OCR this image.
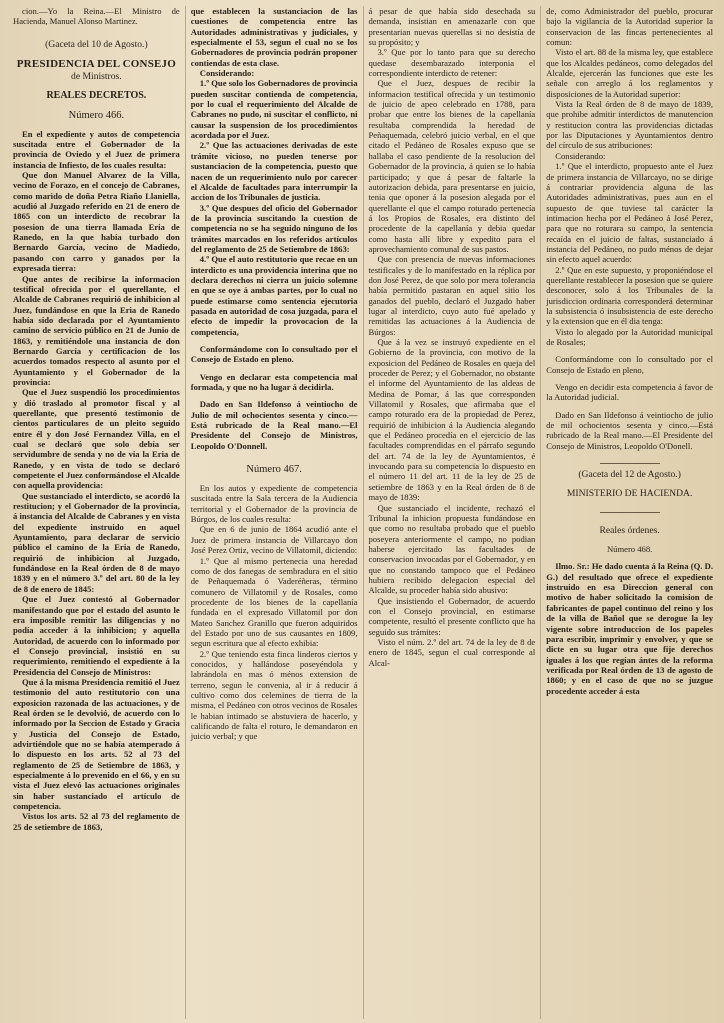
cion.—Yo la Reina.—El Ministro de Hacienda, Manuel Alonso Martinez.

(Gaceta del 10 de Agosto.)

PRESIDENCIA DEL CONSEJO

de Ministros.

REALES DECRETOS.

Número 466.

En el expediente y autos de competencia suscitada entre el Gobernador de la provincia de Oviedo y el Juez de primera instancia de Infiesto, de los cuales resulta:

Que don Manuel Alvarez de la Villa, vecino de Forazo, en el concejo de Cabranes, como marido de doña Petra Riaño Llaniella, acudió al Juzgado referido en 21 de enero de 1865 con un interdicto de recobrar la posesion de una tierra llamada Eria de Ranedo, en la que había turbado don Bernardo García, vecino de Madiedo, pasando con carro y ganados por la expresada tierra:

Que antes de recibirse la informacion testifical ofrecida por el querellante, el Alcalde de Cabranes requirió de inhibicion al Juez, fundándose en que la Eria de Ranedo había sido declarada por el Ayuntamiento camino de servicio público en 21 de Junio de 1863, y remitiéndole una instancia de don Bernardo García y certificacion de los acuerdos tomados respecto al asunto por el Ayuntamiento y el Gobernador de la provincia:

Que el Juez suspendió los procedimientos y dió traslado al promotor fiscal y al querellante, que presentó testimonio de cientos particulares de un pleito seguido entre él y don José Fernandez Villa, en el cual se declaró que solo debía ser servidumbre de senda y no de via la Eria de Ranedo, y en vista de todo se declaró competente el Juez conformándose el Alcalde con aquella providencia:

Que sustanciado el interdicto, se acordó la restitucion; y el Gobernador de la provincia, á instancia del Alcalde de Cabranes y en vista del expediente instruido en aquel Ayuntamiento, para declarar de servicio público el camino de la Eria de Ranedo, requirió de inhibicion al Juzgado, fundándose en la Real órden de 8 de mayo 1839 y en el número 3.º del art. 80 de la ley de 8 de enero de 1845:

Que el Juez contestó al Gobernador manifestando que por el estado del asunto le era imposible remitir las diligencias y no podía acceder á la inhibicion; y aquella Autoridad, de acuerdo con lo informado por el Consejo provincial, insistió en su requerimiento, remitiendo el expediente á la Presidencia del Consejo de Ministros:

Que á la misma Presidencia remitió el Juez testimonio del auto restitutorio con una exposicion razonada de las actuaciones, y de Real órden se le devolvió, de acuerdo con lo informado por la Seccion de Estado y Gracia y Justicia del Consejo de Estado, advirtiéndole que no se había atemperado á lo dispuesto en los arts. 52 al 73 del reglamento de 25 de Setiembre de 1863, y especialmente á lo prevenido en el 66, y en su vista el Juez elevó las actuaciones originales sin haber sustanciado el artículo de competencia.

Vistos los arts. 52 al 73 del reglamento de 25 de setiembre de 1863,

que establecen la sustanciacion de las cuestiones de competencia entre las Autoridades administrativas y judiciales, y especialmente el 53, segun el cual no se los Gobernadores de provincia podrán proponer contiendas de esta clase.

Considerando:

1.º Que solo los Gobernadores de provincia pueden suscitar contienda de competencia, por lo cual el requerimiento del Alcalde de Cabranes no pudo, ni suscitar el conflicto, ni causar la suspension de los procedimientos acordada por el Juez.

2.º Que las actuaciones derivadas de este trámite vicioso, no pueden tenerse por sustanciacion de la competencia, puesto que nacen de un requerimiento nulo por carecer el Alcalde de facultades para interrumpir la accion de los Tribunales de justicia.

3.º Que despues del oficio del Gobernador de la provincia suscitando la cuestion de competencia no se ha seguido ninguno de los trámites marcados en los referidos artículos del reglamento de 25 de Setiembre de 1863:

4.º Que el auto restitutorio que recae en un interdicto es una providencia interina que no declara derechos ni cierra un juicio solemne en que se oye á ambas partes, por lo cual no puede estimarse como sentencia ejecutoria pasada en autoridad de cosa juzgada, para el efecto de impedir la provocacion de la competencia,

Conformándome con lo consultado por el Consejo de Estado en pleno.

Vengo en declarar esta competencia mal formada, y que no ha lugar á decidirla.

Dado en San Ildefonso á veintiocho de Julio de mil ochocientos sesenta y cinco.—Está rubricado de la Real mano.—El Presidente del Consejo de Ministros, Leopoldo O'Donnell.

Número 467.

En los autos y expediente de competencia suscitada entre la Sala tercera de la Audiencia territorial y el Gobernador de la provincia de Búrgos, de los cuales resulta:

Que en 6 de junio de 1864 acudió ante el Juez de primera instancia de Villarcayo don José Perez Ortiz, vecino de Villatomil, diciendo:

1.º Que al mismo pertenecia una heredad como de dos fanegas de sembradura en el sitio de Peñaquemada ó Vaderéñeras, término comunero de Villatomil y de Rosales, como procedente de los bienes de la capellanía fundada en el expresado Villatomil por don Mateo Sanchez Granillo que fueron adquiridos del Estado por uno de sus causantes en 1809, segun escritura que al efecto exhibia:

2.º Que teniendo esta finca linderos ciertos y conocidos, y hallándose poseyéndola y labrándola en mas ó ménos extension de terreno, segun le convenia, al ir á reducir á cultivo como dos celemines de tierra de la misma, el Pedáneo con otros vecinos de Rosales le habian intimado se abstuviera de hacerlo, y calificando de falta el roturo, le demandaron en juicio verbal; y que

á pesar de que había sido desechada su demanda, insistian en amenazarle con que presentarian nuevas querellas si no desistía de su propósito; y

3.º Que por lo tanto para que su derecho quedase desembarazado interponia el correspondiente interdicto de retener:

Que el Juez, despues de recibir la informacion testifical ofrecida y un testimonio de juicio de apeo celebrado en 1788, para probar que entre los bienes de la capellanía resultaba comprendida la heredad de Peñaquemada, celebró juicio verbal, en el que citado el Pedáneo de Rosales expuso que se hallaba el caso pendiente de la resolucion del Gobernador de la provincia, á quien se lo había participado; y que á pesar de faltarle la autorizacion debida, para presentarse en juicio, tenia que oponer á la posesion alegada por el querellante el que el campo roturado pertenecía á los Propios de Rosales, era distinto del procedente de la capellanía y debia quedar como hasta allí libre y expedito para el aprovechamiento comunal de sus pastos.

Que con presencia de nuevas informaciones testificales y de lo manifestado en la réplica por don José Perez, de que solo por mera tolerancia había permitido pastaran en aquel sitio los ganados del pueblo, declaró el Juzgado haber lugar al interdicto, cuyo auto fué apelado y remitidas las actuaciones á la Audiencia de Búrgos:

Que á la vez se instruyó expediente en el Gobierno de la provincia, con motivo de la exposicion del Pedáneo de Rosales en queja del proceder de Perez; y el Gobernador, no obstante el informe del Ayuntamiento de las aldeas de Medina de Pomar, á las que corresponden Villatomil y Rosales, que afirmaba que el campo roturado era de la propiedad de Perez, requirió de inhibicion á la Audiencia alegando que el Pedáneo procedía en el ejercicio de las facultades comprendidas en el párrafo segundo del art. 74 de la ley de Ayuntamientos, é invocando para su competencia lo dispuesto en el número 11 del art. 11 de la ley de 25 de setiembre de 1863 y en la Real órden de 8 de mayo de 1839:

Que sustanciado el incidente, rechazó el Tribunal la inhicion propuesta fundándose en que como no resultaba probado que el pueblo poseyera anteriormente el campo, no podian haberse ejercitado las facultades de conservacion invocadas por el Gobernador, y en que no constando tampoco que el Pedáneo hubiera recibido delegacion especial del Alcalde, su proceder había sido abusivo:

Que insistiendo el Gobernador, de acuerdo con el Consejo provincial, en estimarse competente, resultó el presente conflicto que ha seguido sus trámites:

Visto el núm. 2.º del art. 74 de la ley de 8 de enero de 1845, segun el cual corresponde al Alcal-

de, como Administrador del pueblo, procurar bajo la vigilancia de la Autoridad superior la conservacion de las fincas pertenecientes al comun:

Visto el art. 88 de la misma ley, que establece que los Alcaldes pedáneos, como delegados del Alcalde, ejercerán las funciones que este les señale con arreglo á los reglamentos y disposiciones de la Autoridad superior:

Vista la Real órden de 8 de mayo de 1839, que prohibe admitir interdictos de manutencion y restitucion contra las providencias dictadas por las Diputaciones y Ayuntamientos dentro del círculo de sus atribuciones:

Considerando:

1.º Que el interdicto, propuesto ante el Juez de primera instancia de Villarcayo, no se dirige á contrariar providencia alguna de las Autoridades administrativas, pues aun en el supuesto de que tuviese tal carácter la intimacion hecha por el Pedáneo á José Perez, para que no roturara su campo, la sentencia recaída en el juicio de faltas, sustanciado á instancia del Pedáneo, no pudo ménos de dejar sin efecto aquel acuerdo:

2.º Que en este supuesto, y proponiéndose el querellante restablecer la posesion que se quiere desconocer, solo á los Tribunales de la jurisdiccion ordinaria corresponderá determinar la subsistencia ó insubsistencia de este derecho y la extension que en él dia tenga:

Visto lo alegado por la Autoridad municipal de Rosales;

Conformándome con lo consultado por el Consejo de Estado en pleno,

Vengo en decidir esta competencia á favor de la Autoridad judicial.

Dado en San Ildefonso á veintiocho de julio de mil ochocientos sesenta y cinco.—Está rubricado de la Real mano.—El Presidente del Consejo de Ministros, Leopoldo O'Donell.

(Gaceta del 12 de Agosto.)

MINISTERIO DE HACIENDA.

Reales órdenes.

Número 468.

Ilmo. Sr.: He dado cuenta á la Reina (Q. D. G.) del resultado que ofrece el expediente instruido en esa Direccion general con motivo de haber solicitado la comision de fabricantes de papel continuo del reino y los de la villa de Bañol que se derogue la ley vigente sobre introduccion de los papeles para escribir, imprimir y envolver, y que se dicte en su lugar otra que fije derechos iguales á los que regían ántes de la reforma verificada por Real órden de 13 de agosto de 1860; y en el caso de que no se juzgue procedente acceder á esta
